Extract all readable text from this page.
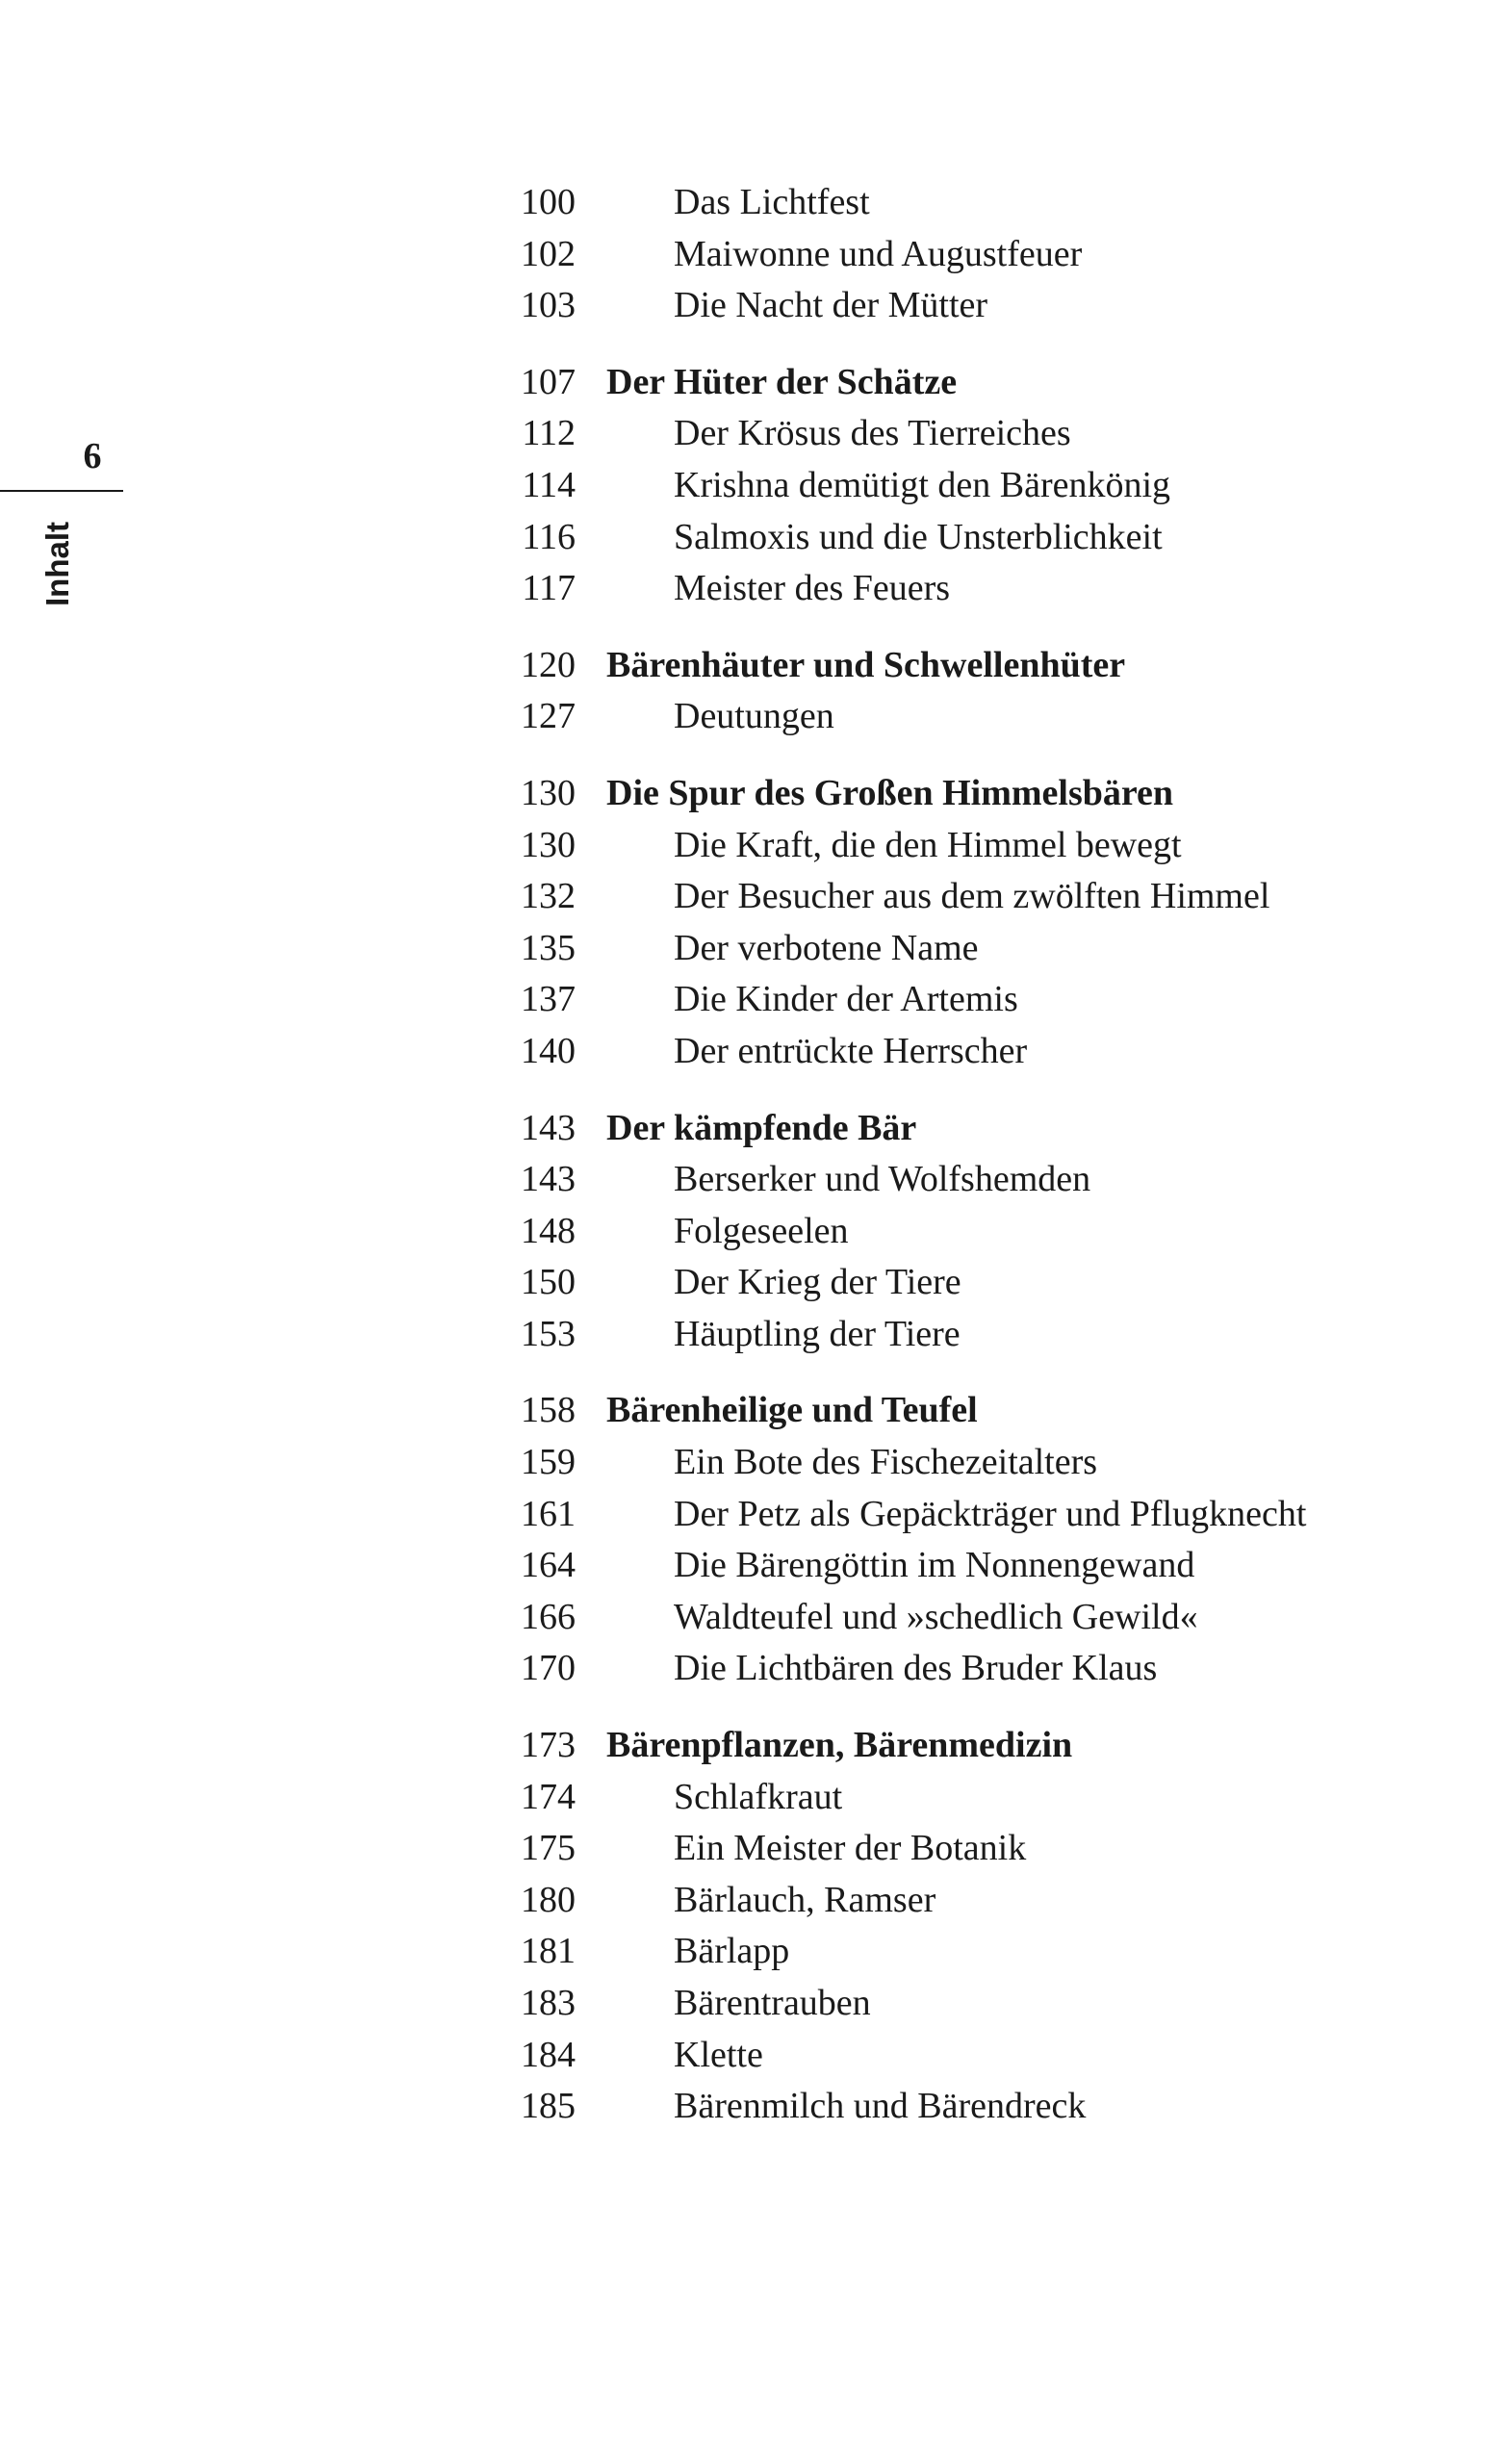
6
Inhalt
100	Das Lichtfest
102	Maiwonne und Augustfeuer
103	Die Nacht der Mütter
107 Der Hüter der Schätze
112	Der Krösus des Tierreiches
114	Krishna demütigt den Bärenkönig
116	Salmoxis und die Unsterblichkeit
117	Meister des Feuers
120 Bärenhäuter und Schwellenhüter
127	Deutungen
130 Die Spur des Großen Himmelsbären
130	Die Kraft, die den Himmel bewegt
132	Der Besucher aus dem zwölften Himmel
135	Der verbotene Name
137	Die Kinder der Artemis
140	Der entrückte Herrscher
143 Der kämpfende Bär
143	Berserker und Wolfshemden
148	Folgeseelen
150	Der Krieg der Tiere
153	Häuptling der Tiere
158 Bärenheilige und Teufel
159	Ein Bote des Fischezeitalters
161	Der Petz als Gepäckträger und Pflugknecht
164	Die Bärengöttin im Nonnengewand
166	Waldteufel und »schedlich Gewild«
170	Die Lichtbären des Bruder Klaus
173 Bärenpflanzen, Bärenmedizin
174	Schlafkraut
175	Ein Meister der Botanik
180	Bärlauch, Ramser
181	Bärlapp
183	Bärentrauben
184	Klette
185	Bärenmilch und Bärendreck
